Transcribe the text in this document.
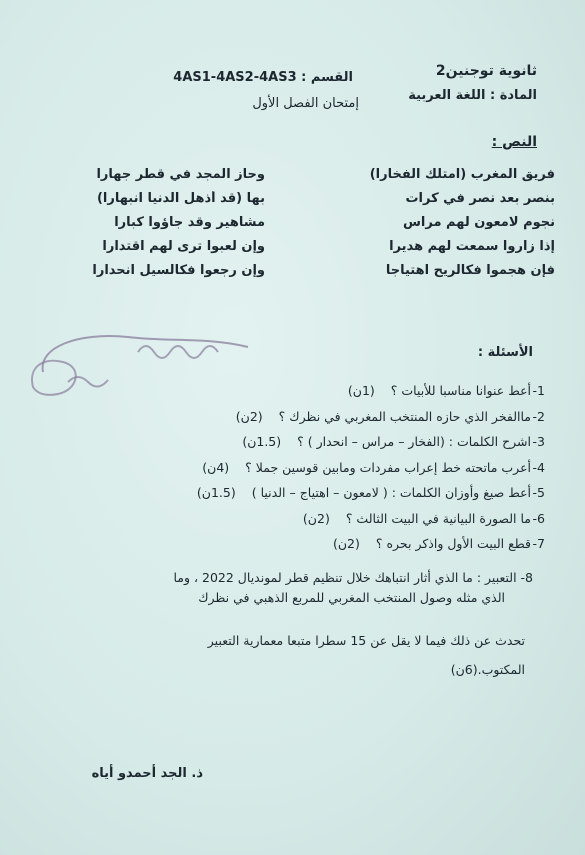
ثانوية توجنين2
المادة : اللغة العربية
القسم : 4AS1-4AS2-4AS3
إمتحان الفصل الأول
النص :
وحاز المجد في قطر جهارا	فريق المغرب (امتلك الفخارا)
بها (قد أذهل الدنيا انبهارا)	بنصر بعد نصر في كرات
مشاهير وقد جاؤوا كبارا	نجوم لامعون لهم مراس
وإن لعبوا ترى لهم اقتدارا	إذا زاروا سمعت لهم هديرا
وإن رجعوا فكالسيل انحدارا	فإن هجموا فكالريح اهتياجا
الأسئلة :
1-أعط عنوانا مناسبا للأبيات ؟(1ن)
2-ماالفخر الذي حازه المنتخب المغربي في نظرك ؟(2ن)
3-اشرح الكلمات : (الفخار – مراس – انحدار ) ؟(1.5ن)
4-أعرب ماتحته خط إعراب مفردات ومابين قوسين جملا ؟(4ن)
5-أعط صيغ وأوزان الكلمات : ( لامعون – اهتياج – الدنيا )(1.5ن)
6-ما الصورة البيانية في البيت الثالث ؟(2ن)
7-قطع البيت الأول واذكر بحره ؟(2ن)
8- التعبير : ما الذي أثار انتباهك خلال تنظيم قطر لمونديال 2022 ، وما
الذي مثله وصول المنتخب المغربي للمربع الذهبي في نظرك
تحدث عن ذلك فيما لا يقل عن 15 سطرا متبعا معمارية التعبير
المكتوب.(6ن)
ذ. الجد أحمدو أياه
